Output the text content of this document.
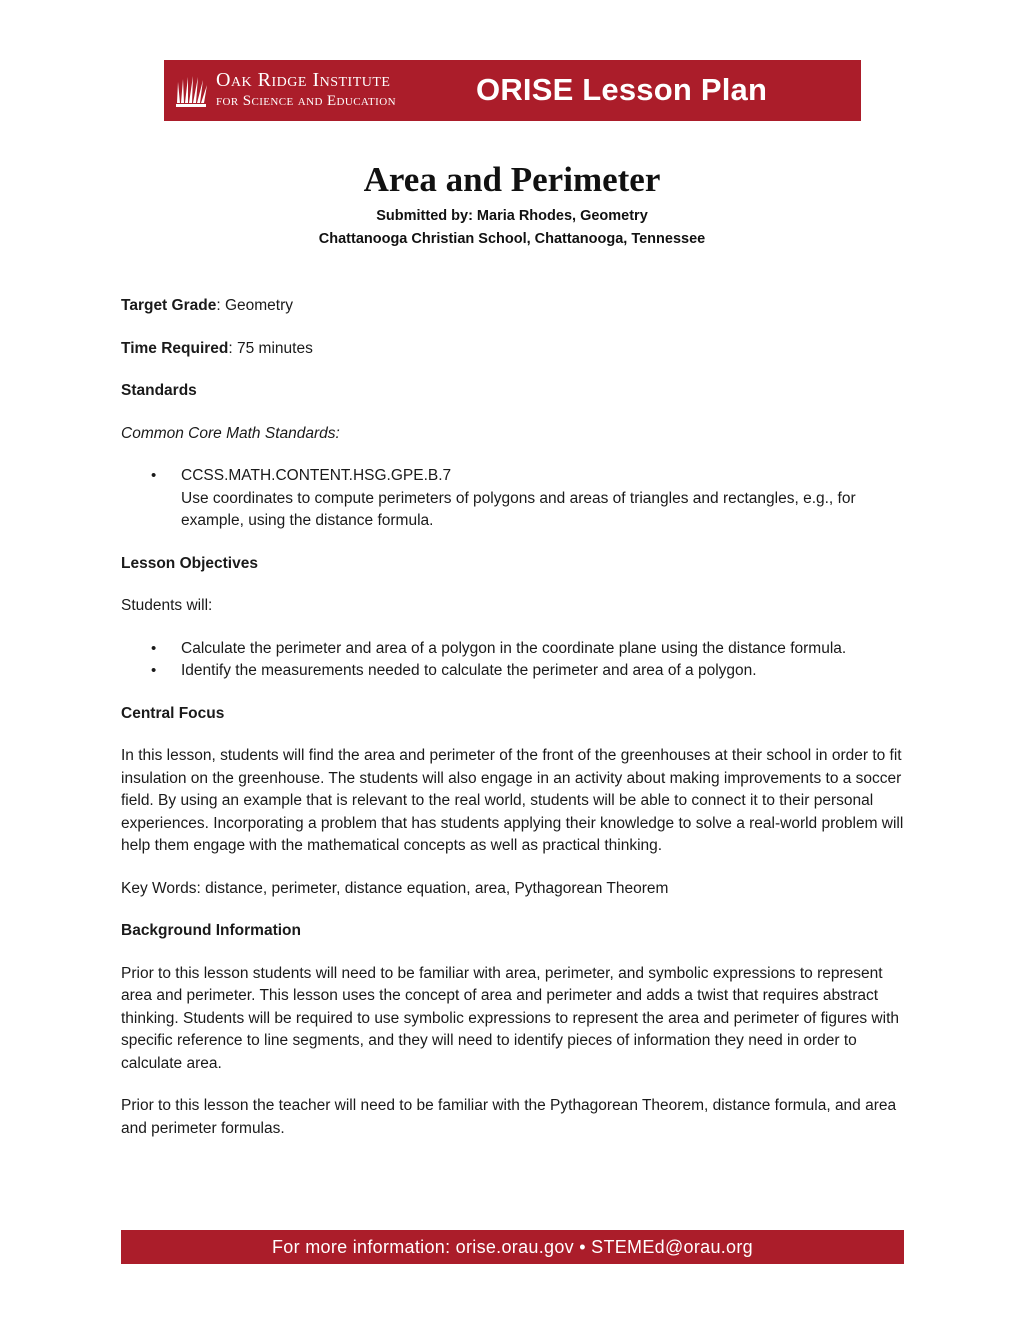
Oak Ridge Institute
for Science and Education	ORISE Lesson Plan
Area and Perimeter

Submitted by: Maria Rhodes, Geometry

Chattanooga Christian School, Chattanooga, Tennessee

Target Grade: Geometry

Time Required: 75 minutes

Standards

Common Core Math Standards:

• CCSS.MATH.CONTENT.HSG.GPE.B.7
Use coordinates to compute perimeters of polygons and areas of triangles and rectangles, e.g., for example, using the distance formula.

Lesson Objectives

Students will:

• Calculate the perimeter and area of a polygon in the coordinate plane using the distance formula.
• Identify the measurements needed to calculate the perimeter and area of a polygon.

Central Focus

In this lesson, students will find the area and perimeter of the front of the greenhouses at their school in order to fit insulation on the greenhouse. The students will also engage in an activity about making improvements to a soccer field. By using an example that is relevant to the real world, students will be able to connect it to their personal experiences. Incorporating a problem that has students applying their knowledge to solve a real-world problem will help them engage with the mathematical concepts as well as practical thinking.

Key Words: distance, perimeter, distance equation, area, Pythagorean Theorem

Background Information

Prior to this lesson students will need to be familiar with area, perimeter, and symbolic expressions to represent area and perimeter. This lesson uses the concept of area and perimeter and adds a twist that requires abstract thinking. Students will be required to use symbolic expressions to represent the area and perimeter of figures with specific reference to line segments, and they will need to identify pieces of information they need in order to calculate area.

Prior to this lesson the teacher will need to be familiar with the Pythagorean Theorem, distance formula, and area and perimeter formulas.

For more information: orise.orau.gov • STEMEd@orau.org
